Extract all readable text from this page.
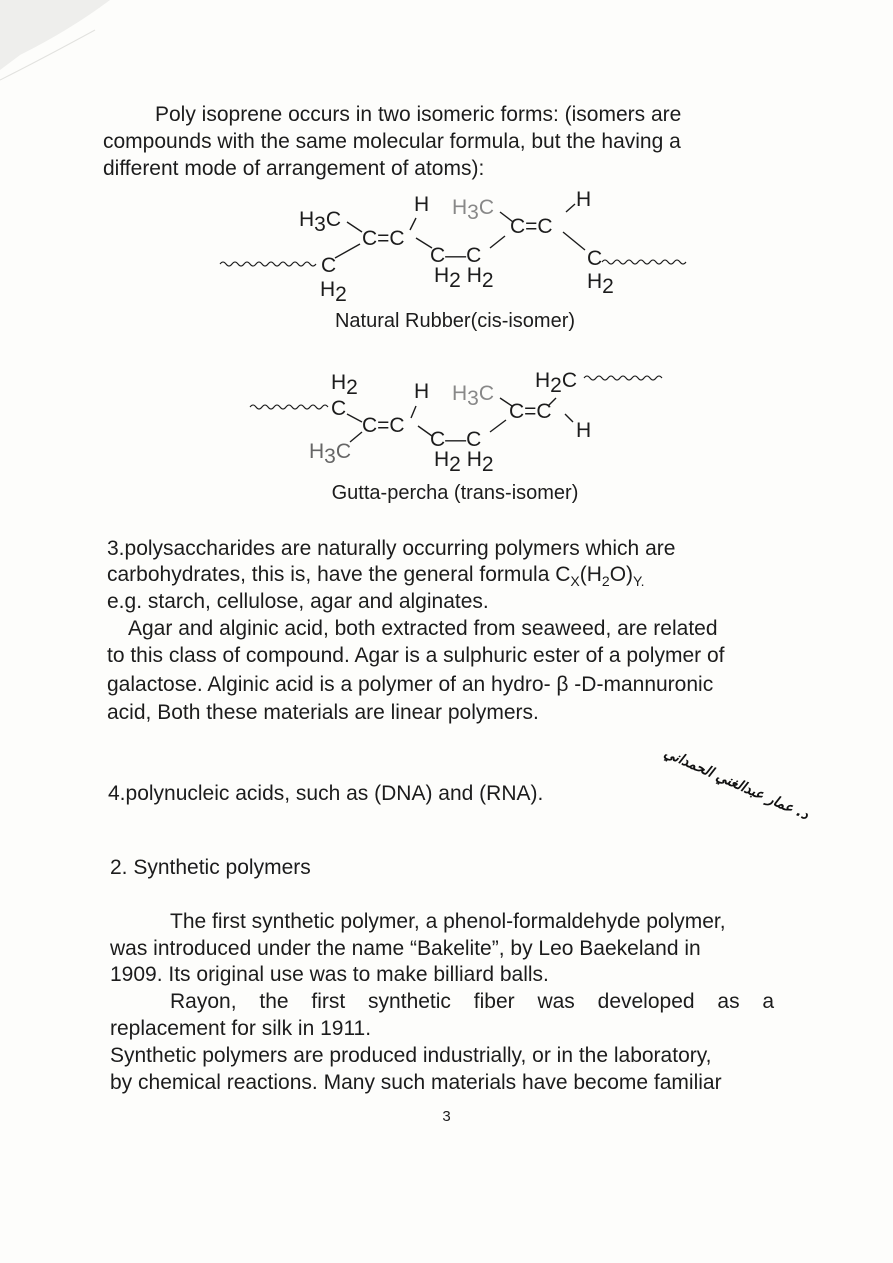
Poly isoprene occurs in two isomeric forms: (isomers are
compounds with the same molecular formula, but the having a
different mode of arrangement of atoms):
H3C
C=C
C
H2
H H3C
C—C
C=C
H
C
H2 H2	H2
Natural Rubber(cis-isomer)
H2
C
C=C
H3C
H H3C
C—C
C=C
H2C
H
H2 H2
Gutta-percha (trans-isomer)
3.polysaccharides are naturally occurring polymers which are
carbohydrates, this is, have the general formula $C_X(H_2O)_{Y.}$
e.g. starch, cellulose, agar and alginates.
Agar and alginic acid, both extracted from seaweed, are related
to this class of compound. Agar is a sulphuric ester of a polymer of
galactose. Alginic acid is a polymer of an hydro- β -D-mannuronic
acid, Both these materials are linear polymers.
4.polynucleic acids, such as (DNA) and (RNA).	د. عمار عبدالغني الحمداني
2. Synthetic polymers
The first synthetic polymer, a phenol-formaldehyde polymer,
was introduced under the name “Bakelite”, by Leo Baekeland in
1909. Its original use was to make billiard balls.
Rayon, the first synthetic fiber was developed as a
replacement for silk in 1911.
Synthetic polymers are produced industrially, or in the laboratory,
by chemical reactions. Many such materials have become familiar
3
